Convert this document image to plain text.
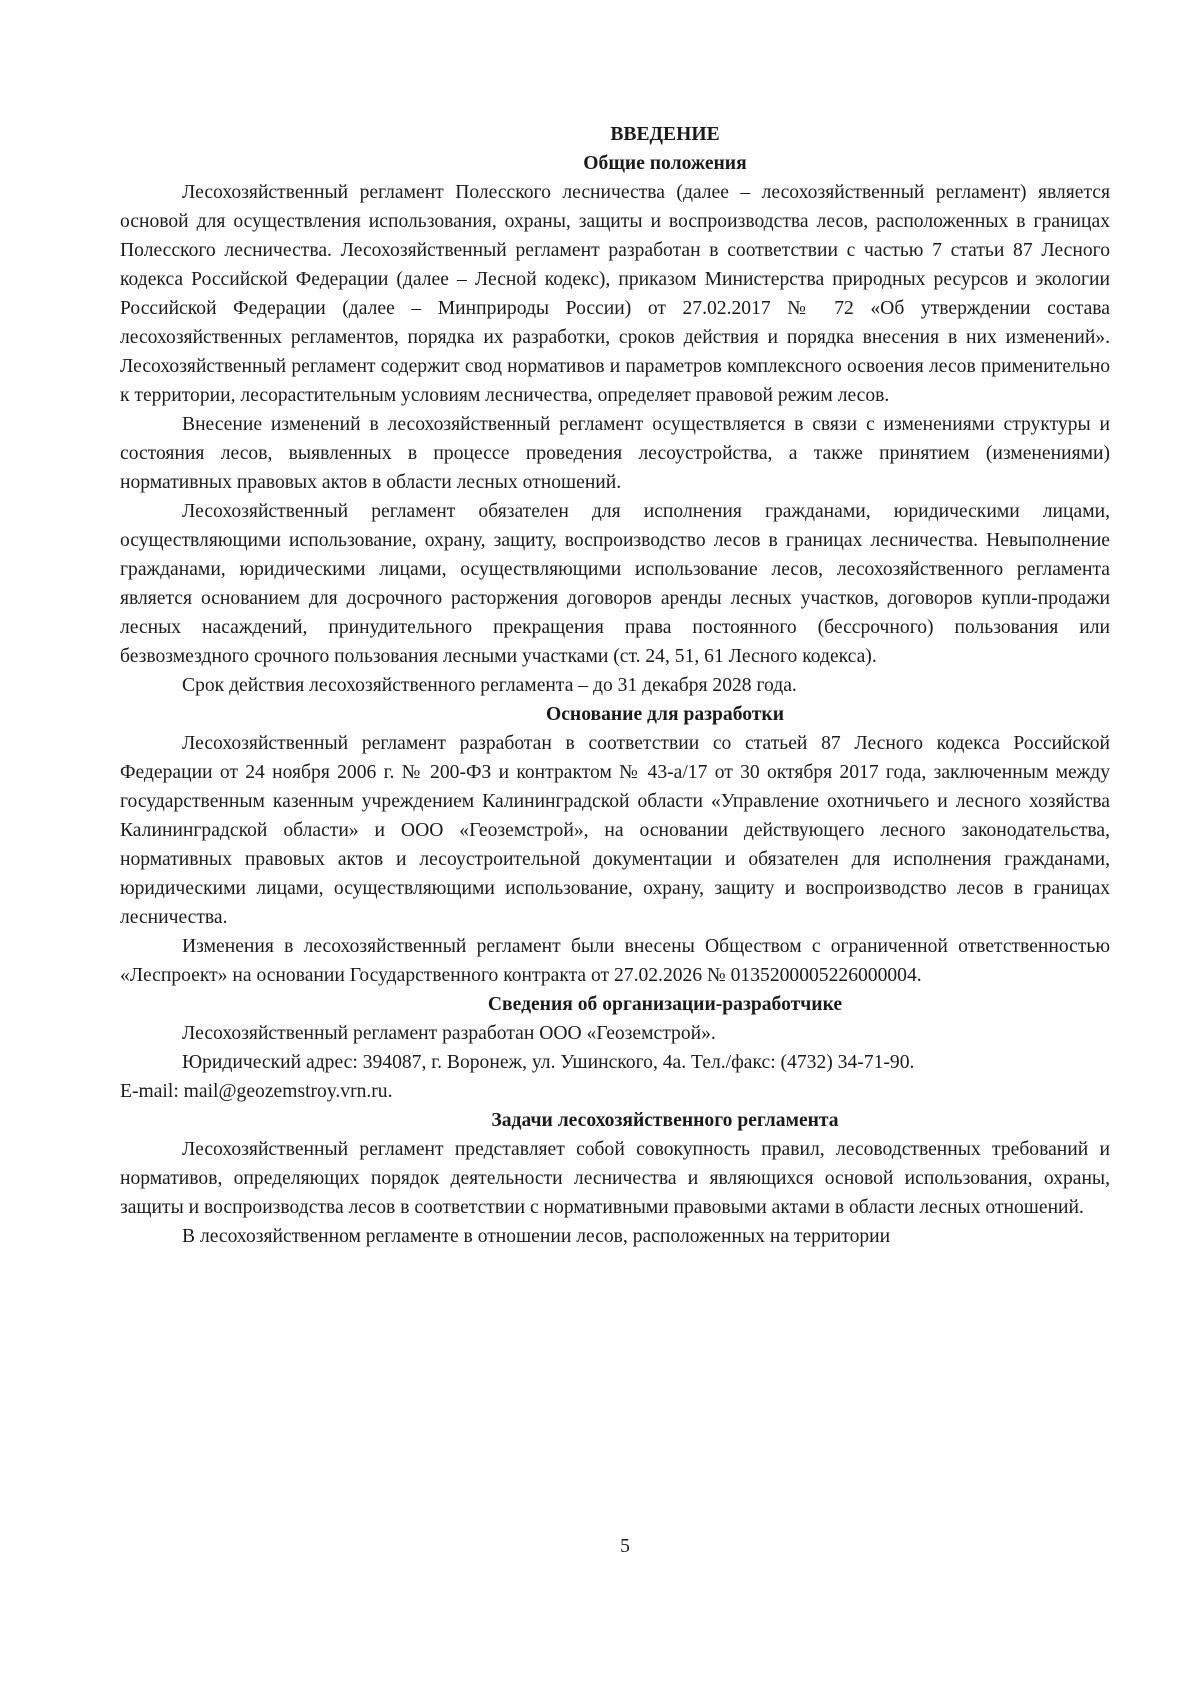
ВВЕДЕНИЕ
Общие положения

Лесохозяйственный регламент Полесского лесничества (далее – лесохозяйственный регламент) является основой для осуществления использования, охраны, защиты и воспроизводства лесов, расположенных в границах Полесского лесничества. Лесохозяйственный регламент разработан в соответствии с частью 7 статьи 87 Лесного кодекса Российской Федерации (далее – Лесной кодекс), приказом Министерства природных ресурсов и экологии Российской Федерации (далее – Минприроды России) от 27.02.2017 № 72 «Об утверждении состава лесохозяйственных регламентов, порядка их разработки, сроков действия и порядка внесения в них изменений». Лесохозяйственный регламент содержит свод нормативов и параметров комплексного освоения лесов применительно к территории, лесорастительным условиям лесничества, определяет правовой режим лесов.

Внесение изменений в лесохозяйственный регламент осуществляется в связи с изменениями структуры и состояния лесов, выявленных в процессе проведения лесоустройства, а также принятием (изменениями) нормативных правовых актов в области лесных отношений.

Лесохозяйственный регламент обязателен для исполнения гражданами, юридическими лицами, осуществляющими использование, охрану, защиту, воспроизводство лесов в границах лесничества. Невыполнение гражданами, юридическими лицами, осуществляющими использование лесов, лесохозяйственного регламента является основанием для досрочного расторжения договоров аренды лесных участков, договоров купли-продажи лесных насаждений, принудительного прекращения права постоянного (бессрочного) пользования или безвозмездного срочного пользования лесными участками (ст. 24, 51, 61 Лесного кодекса).

Срок действия лесохозяйственного регламента – до 31 декабря 2028 года.

Основание для разработки

Лесохозяйственный регламент разработан в соответствии со статьей 87 Лесного кодекса Российской Федерации от 24 ноября 2006 г. № 200-ФЗ и контрактом № 43-а/17 от 30 октября 2017 года, заключенным между государственным казенным учреждением Калининградской области «Управление охотничьего и лесного хозяйства Калининградской области» и ООО «Геоземстрой», на основании действующего лесного законодательства, нормативных правовых актов и лесоустроительной документации и обязателен для исполнения гражданами, юридическими лицами, осуществляющими использование, охрану, защиту и воспроизводство лесов в границах лесничества.

Изменения в лесохозяйственный регламент были внесены Обществом с ограниченной ответственностью «Леспроект» на основании Государственного контракта от 27.02.2026 № 0135200005226000004.

Сведения об организации-разработчике

Лесохозяйственный регламент разработан ООО «Геоземстрой».

Юридический адрес: 394087, г. Воронеж, ул. Ушинского, 4а. Тел./факс: (4732) 34-71-90.

E-mail: mail@geozemstroy.vrn.ru.

Задачи лесохозяйственного регламента

Лесохозяйственный регламент представляет собой совокупность правил, лесоводственных требований и нормативов, определяющих порядок деятельности лесничества и являющихся основой использования, охраны, защиты и воспроизводства лесов в соответствии с нормативными правовыми актами в области лесных отношений.

В лесохозяйственном регламенте в отношении лесов, расположенных на территории

5
